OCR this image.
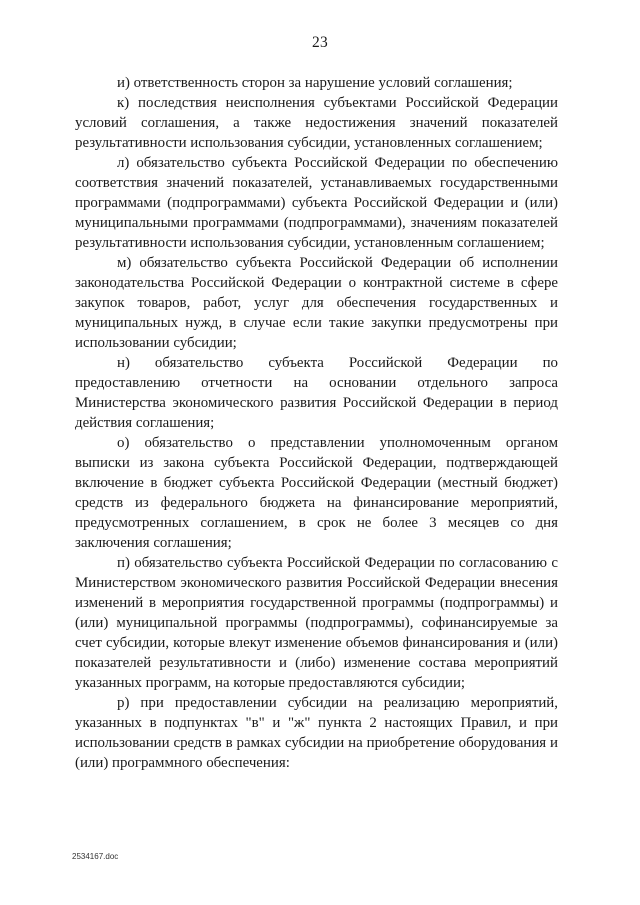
23

и) ответственность сторон за нарушение условий соглашения;

к) последствия неисполнения субъектами Российской Федерации условий соглашения, а также недостижения значений показателей результативности использования субсидии, установленных соглашением;

л) обязательство субъекта Российской Федерации по обеспечению соответствия значений показателей, устанавливаемых государственными программами (подпрограммами) субъекта Российской Федерации и (или) муниципальными программами (подпрограммами), значениям показателей результативности использования субсидии, установленным соглашением;

м) обязательство субъекта Российской Федерации об исполнении законодательства Российской Федерации о контрактной системе в сфере закупок товаров, работ, услуг для обеспечения государственных и муниципальных нужд, в случае если такие закупки предусмотрены при использовании субсидии;

н) обязательство субъекта Российской Федерации по предоставлению отчетности на основании отдельного запроса Министерства экономического развития Российской Федерации в период действия соглашения;

о) обязательство о представлении уполномоченным органом выписки из закона субъекта Российской Федерации, подтверждающей включение в бюджет субъекта Российской Федерации (местный бюджет) средств из федерального бюджета на финансирование мероприятий, предусмотренных соглашением, в срок не более 3 месяцев со дня заключения соглашения;

п) обязательство субъекта Российской Федерации по согласованию с Министерством экономического развития Российской Федерации внесения изменений в мероприятия государственной программы (подпрограммы) и (или) муниципальной программы (подпрограммы), софинансируемые за счет субсидии, которые влекут изменение объемов финансирования и (или) показателей результативности и (либо) изменение состава мероприятий указанных программ, на которые предоставляются субсидии;

р) при предоставлении субсидии на реализацию мероприятий, указанных в подпунктах "в" и "ж" пункта 2 настоящих Правил, и при использовании средств в рамках субсидии на приобретение оборудования и (или) программного обеспечения:

2534167.doc
